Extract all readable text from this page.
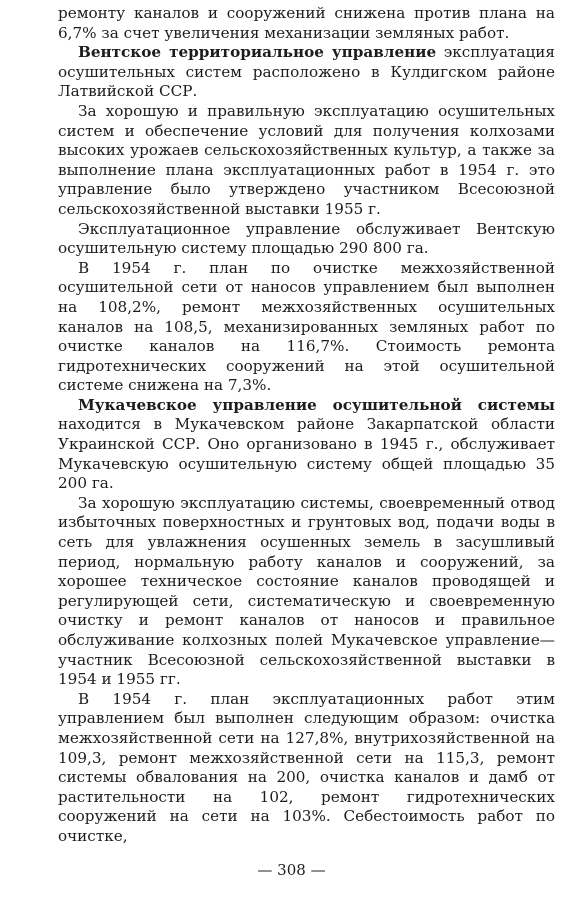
ремонту каналов и сооружений снижена против плана на 6,7% за счет увеличения механизации земляных работ.

Вентское территориальное управление эксплуатация осушительных систем расположено в Кулдигском районе Латвийской ССР.

За хорошую и правильную эксплуатацию осушительных систем и обеспечение условий для получения колхозами высоких урожаев сельскохозяйственных культур, а также за выполнение плана эксплуатационных работ в 1954 г. это управление было утверждено участником Всесоюзной сельскохозяйственной выставки 1955 г.

Эксплуатационное управление обслуживает Вентскую осушительную систему площадью 290 800 га.

В 1954 г. план по очистке межхозяйственной осушительной сети от наносов управлением был выполнен на 108,2%, ремонт межхозяйственных осушительных каналов на 108,5, механизированных земляных работ по очистке каналов на 116,7%. Стоимость ремонта гидротехнических сооружений на этой осушительной системе снижена на 7,3%.

Мукачевское управление осушительной системы находится в Мукачевском районе Закарпатской области Украинской ССР. Оно организовано в 1945 г., обслуживает Мукачевскую осушительную систему общей площадью 35 200 га.

За хорошую эксплуатацию системы, своевременный отвод избыточных поверхностных и грунтовых вод, подачи воды в сеть для увлажнения осушенных земель в засушливый период, нормальную работу каналов и сооружений, за хорошее техническое состояние каналов проводящей и регулирующей сети, систематическую и своевременную очистку и ремонт каналов от наносов и правильное обслуживание колхозных полей Мукачевское управление— участник Всесоюзной сельскохозяйственной выставки в 1954 и 1955 гг.

В 1954 г. план эксплуатационных работ этим управлением был выполнен следующим образом: очистка межхозяйственной сети на 127,8%, внутрихозяйственной на 109,3, ремонт межхозяйственной сети на 115,3, ремонт системы обвалования на 200, очистка каналов и дамб от растительности на 102, ремонт гидротехнических сооружений на сети на 103%. Себестоимость работ по очистке,

— 308 —
